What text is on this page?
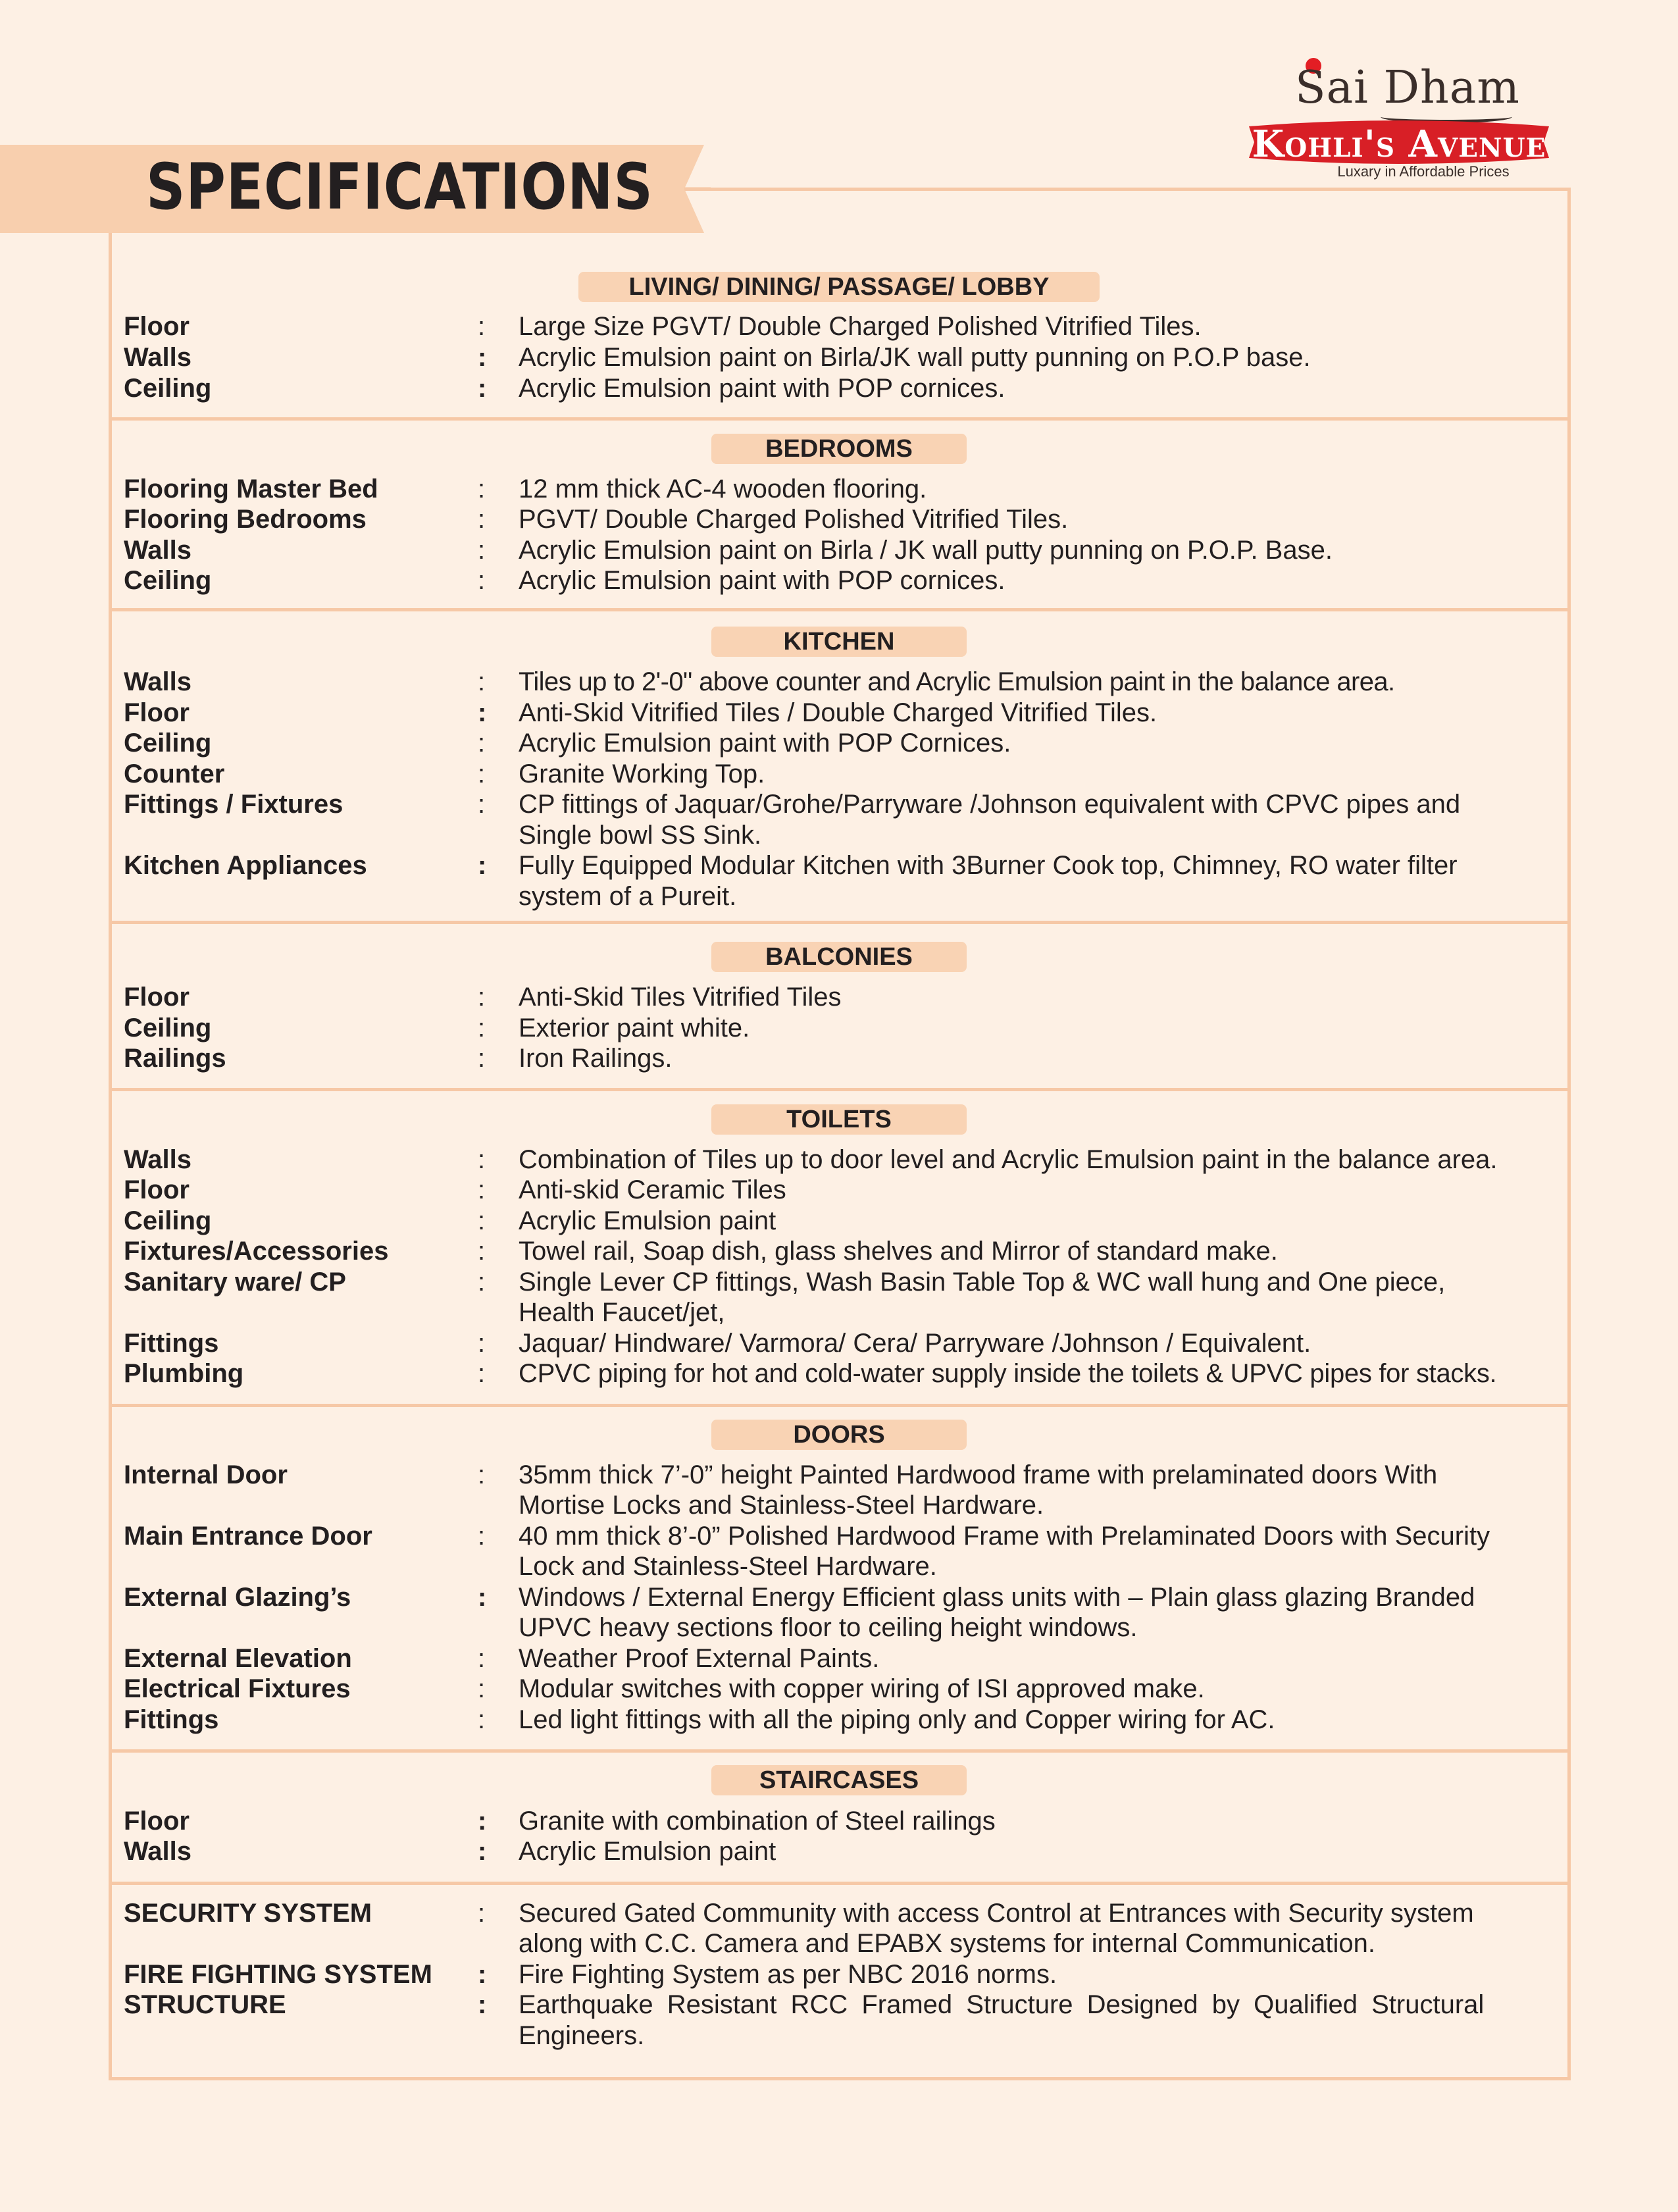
Sai Dham
Kohli's Avenue
Luxary in Affordable Prices
SPECIFICATIONS
LIVING/ DINING/ PASSAGE/ LOBBY
Floor	:	Large Size PGVT/ Double Charged Polished Vitrified Tiles.
Walls	:	Acrylic Emulsion paint on Birla/JK wall putty punning on P.O.P base.
Ceiling	:	Acrylic Emulsion paint with POP cornices.
BEDROOMS
Flooring Master Bed	:	12 mm thick AC-4 wooden flooring.
Flooring Bedrooms	:	PGVT/ Double Charged Polished Vitrified Tiles.
Walls	:	Acrylic Emulsion paint on Birla / JK wall putty punning on P.O.P. Base.
Ceiling	:	Acrylic Emulsion paint with POP cornices.
KITCHEN
Walls	:	Tiles up to 2'-0" above counter and Acrylic Emulsion paint in the balance area.
Floor	:	Anti-Skid Vitrified Tiles / Double Charged Vitrified Tiles.
Ceiling	:	Acrylic Emulsion paint with POP Cornices.
Counter	:	Granite Working Top.
Fittings / Fixtures	:	CP fittings of Jaquar/Grohe/Parryware /Johnson equivalent with CPVC pipes and
Single bowl SS Sink.
Kitchen Appliances	:	Fully Equipped Modular Kitchen with 3Burner Cook top, Chimney, RO water filter
system of a Pureit.
BALCONIES
Floor	:	Anti-Skid Tiles Vitrified Tiles
Ceiling	:	Exterior paint white.
Railings	:	Iron Railings.
TOILETS
Walls	:	Combination of Tiles up to door level and Acrylic Emulsion paint in the balance area.
Floor	:	Anti-skid Ceramic Tiles
Ceiling	:	Acrylic Emulsion paint
Fixtures/Accessories	:	Towel rail, Soap dish, glass shelves and Mirror of standard make.
Sanitary ware/ CP	:	Single Lever CP fittings, Wash Basin Table Top & WC wall hung and One piece,
Health Faucet/jet,
Fittings	:	Jaquar/ Hindware/ Varmora/ Cera/ Parryware /Johnson / Equivalent.
Plumbing	:	CPVC piping for hot and cold-water supply inside the toilets & UPVC pipes for stacks.
DOORS
Internal Door	:	35mm thick 7’-0” height Painted Hardwood frame with prelaminated doors With
Mortise Locks and Stainless-Steel Hardware.
Main Entrance Door	:	40 mm thick 8’-0” Polished Hardwood Frame with Prelaminated Doors with Security
Lock and Stainless-Steel Hardware.
External Glazing’s	:	Windows / External Energy Efficient glass units with – Plain glass glazing Branded
UPVC heavy sections floor to ceiling height windows.
External Elevation	:	Weather Proof External Paints.
Electrical Fixtures	:	Modular switches with copper wiring of ISI approved make.
Fittings	:	Led light fittings with all the piping only and Copper wiring for AC.
STAIRCASES
Floor	:	Granite with combination of Steel railings
Walls	:	Acrylic Emulsion paint
SECURITY SYSTEM	:	Secured Gated Community with access Control at Entrances with Security system
along with C.C. Camera and EPABX systems for internal Communication.
FIRE FIGHTING SYSTEM	:	Fire Fighting System as per NBC 2016 norms.
STRUCTURE	:	Earthquake Resistant RCC Framed Structure Designed by Qualified Structural
Engineers.
